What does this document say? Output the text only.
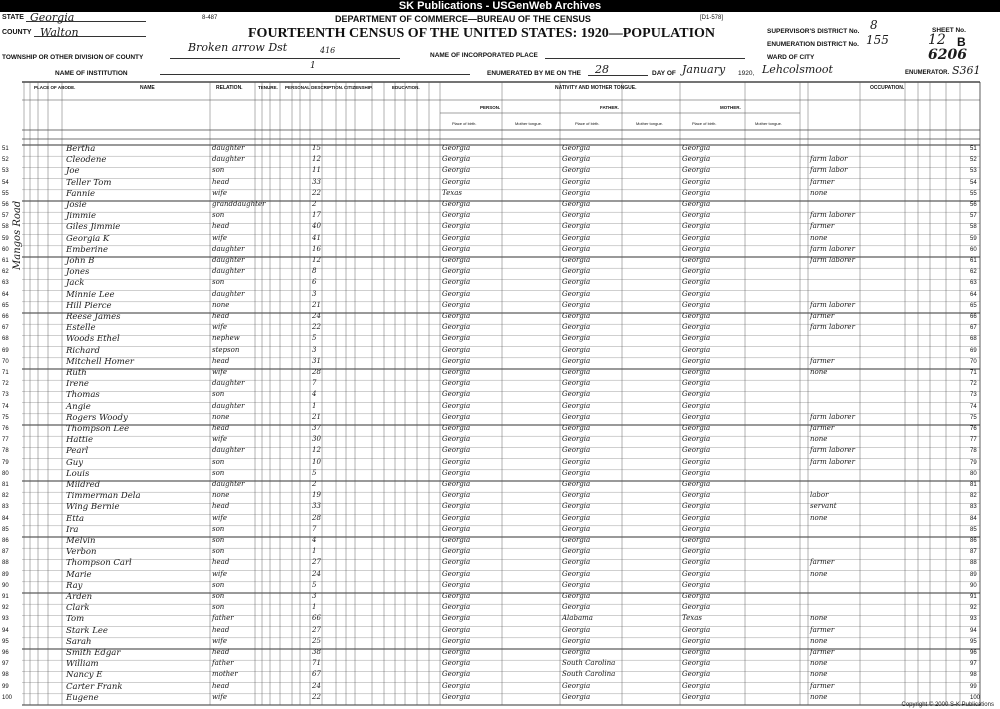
SK Publications - USGenWeb Archives
STATE Georgia
COUNTY Walton
8-487	DEPARTMENT OF COMMERCE—BUREAU OF THE CENSUS	[D1-578]
FOURTEENTH CENSUS OF THE UNITED STATES: 1920—POPULATION
TOWNSHIP OR OTHER DIVISION OF COUNTY
Broken arrow Dst	416
NAME OF INCORPORATED PLACE
NAME OF INSTITUTION
1
ENUMERATED BY ME ON THE 28	DAY OF January 1920, Lehcolsmoot	ENUMERATOR.
SUPERVISOR'S DISTRICT No. 8
ENUMERATION DISTRICT No. 155
SHEET No.
12 B
WARD OF CITY	6206
S361
PLACE OF ABODE.	NAME	RELATION.	TENURE. PERSONAL DESCRIPTION. CITIZENSHIP.	EDUCATION.	NATIVITY AND MOTHER TONGUE.
PERSON.	FATHER.	MOTHER.
OCCUPATION.
Place of birth.	Mother tongue.	Place of birth.	Mother tongue.	Place of birth.	Mother tongue.
Mangos Road
51	Bertha	daughter	15	Georgia	Georgia	Georgia	51
52	Cleodene	daughter	12	Georgia	Georgia	Georgia	farm labor	52
53	Joe	son	11	Georgia	Georgia	Georgia	farm labor	53
54	Teller Tom	head	33	Georgia	Georgia	Georgia	farmer	54
55	Fannie	wife	22	Texas	Georgia	Georgia	none	55
56	Josie	granddaughter	2	Georgia	Georgia	Georgia	56
57	Jimmie	son	17	Georgia	Georgia	Georgia	farm laborer	57
58	Giles Jimmie	head	40	Georgia	Georgia	Georgia	farmer	58
59	Georgia K	wife	41	Georgia	Georgia	Georgia	none	59
60	Emberine	daughter	16	Georgia	Georgia	Georgia	farm laborer	60
61	John B	daughter	12	Georgia	Georgia	Georgia	farm laborer	61
62	Jones	daughter	8	Georgia	Georgia	Georgia	62
63	Jack	son	6	Georgia	Georgia	Georgia	63
64	Minnie Lee	daughter	3	Georgia	Georgia	Georgia	64
65	Hill Pierce	none	21	Georgia	Georgia	Georgia	farm laborer	65
66	Reese James	head	24	Georgia	Georgia	Georgia	farmer	66
67	Estelle	wife	22	Georgia	Georgia	Georgia	farm laborer	67
68	Woods Ethel	nephew	5	Georgia	Georgia	Georgia	68
69	Richard	stepson	3	Georgia	Georgia	Georgia	69
70	Mitchell Homer	head	31	Georgia	Georgia	Georgia	farmer	70
71	Ruth	wife	28	Georgia	Georgia	Georgia	none	71
72	Irene	daughter	7	Georgia	Georgia	Georgia	72
73	Thomas	son	4	Georgia	Georgia	Georgia	73
74	Angie	daughter	1	Georgia	Georgia	Georgia	74
75	Rogers Woody	none	21	Georgia	Georgia	Georgia	farm laborer	75
76	Thompson Lee	head	37	Georgia	Georgia	Georgia	farmer	76
77	Hattie	wife	30	Georgia	Georgia	Georgia	none	77
78	Pearl	daughter	12	Georgia	Georgia	Georgia	farm laborer	78
79	Guy	son	10	Georgia	Georgia	Georgia	farm laborer	79
80	Louis	son	5	Georgia	Georgia	Georgia	80
81	Mildred	daughter	2	Georgia	Georgia	Georgia	81
82	Timmerman Dela	none	19	Georgia	Georgia	Georgia	labor	82
83	Wing Bernie	head	33	Georgia	Georgia	Georgia	servant	83
84	Etta	wife	28	Georgia	Georgia	Georgia	none	84
85	Ira	son	7	Georgia	Georgia	Georgia	85
86	Melvin	son	4	Georgia	Georgia	Georgia	86
87	Verbon	son	1	Georgia	Georgia	Georgia	87
88	Thompson Carl	head	27	Georgia	Georgia	Georgia	farmer	88
89	Marie	wife	24	Georgia	Georgia	Georgia	none	89
90	Ray	son	5	Georgia	Georgia	Georgia	90
91	Arden	son	3	Georgia	Georgia	Georgia	91
92	Clark	son	1	Georgia	Georgia	Georgia	92
93	Tom	father	66	Georgia	Alabama	Texas	none	93
94	Stark Lee	head	27	Georgia	Georgia	Georgia	farmer	94
95	Sarah	wife	25	Georgia	Georgia	Georgia	none	95
96	Smith Edgar	head	38	Georgia	Georgia	Georgia	farmer	96
97	William	father	71	Georgia	South Carolina	Georgia	none	97
98	Nancy E	mother	67	Georgia	South Carolina	Georgia	none	98
99	Carter Frank	head	24	Georgia	Georgia	Georgia	farmer	99
100	Eugene	wife	22	Georgia	Georgia	Georgia	none	100
Copyright © 2000 S-K Publications
